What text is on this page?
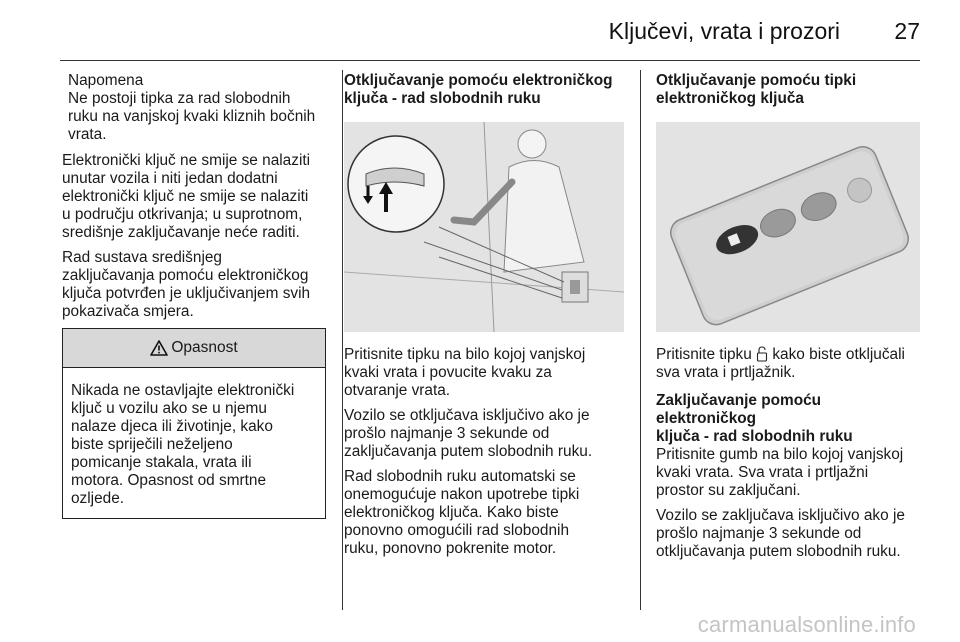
Ključevi, vrata i prozori 27
Napomena
Ne postoji tipka za rad slobodnih
ruku na vanjskoj kvaki kliznih bočnih
vrata.

Elektronički ključ ne smije se nalaziti
unutar vozila i niti jedan dodatni
elektronički ključ ne smije se nalaziti
u području otkrivanja; u suprotnom,
središnje zaključavanje neće raditi.

Rad sustava središnjeg
zaključavanja pomoću elektroničkog
ključa potvrđen je uključivanjem svih
pokazivača smjera.

Opasnost
Nikada ne ostavljajte elektronički
ključ u vozilu ako se u njemu
nalaze djeca ili životinje, kako
biste spriječili neželjeno
pomicanje stakala, vrata ili
motora. Opasnost od smrtne
ozljede.
Otključavanje pomoću elektroničkog
ključa - rad slobodnih ruku

Pritisnite tipku na bilo kojoj vanjskoj
kvaki vrata i povucite kvaku za
otvaranje vrata.

Vozilo se otključava isključivo ako je
prošlo najmanje 3 sekunde od
zaključavanja putem slobodnih ruku.

Rad slobodnih ruku automatski se
onemogućuje nakon upotrebe tipki
elektroničkog ključa. Kako biste
ponovno omogućili rad slobodnih
ruku, ponovno pokrenite motor.

Otključavanje pomoću tipki
elektroničkog ključa

Pritisnite tipku  kako biste otključali
sva vrata i prtljažnik.

Zaključavanje pomoću elektroničkog
ključa - rad slobodnih ruku

Pritisnite gumb na bilo kojoj vanjskoj
kvaki vrata. Sva vrata i prtljažni
prostor su zaključani.

Vozilo se zaključava isključivo ako je
prošlo najmanje 3 sekunde od
otključavanja putem slobodnih ruku.

carmanualsonline.info
